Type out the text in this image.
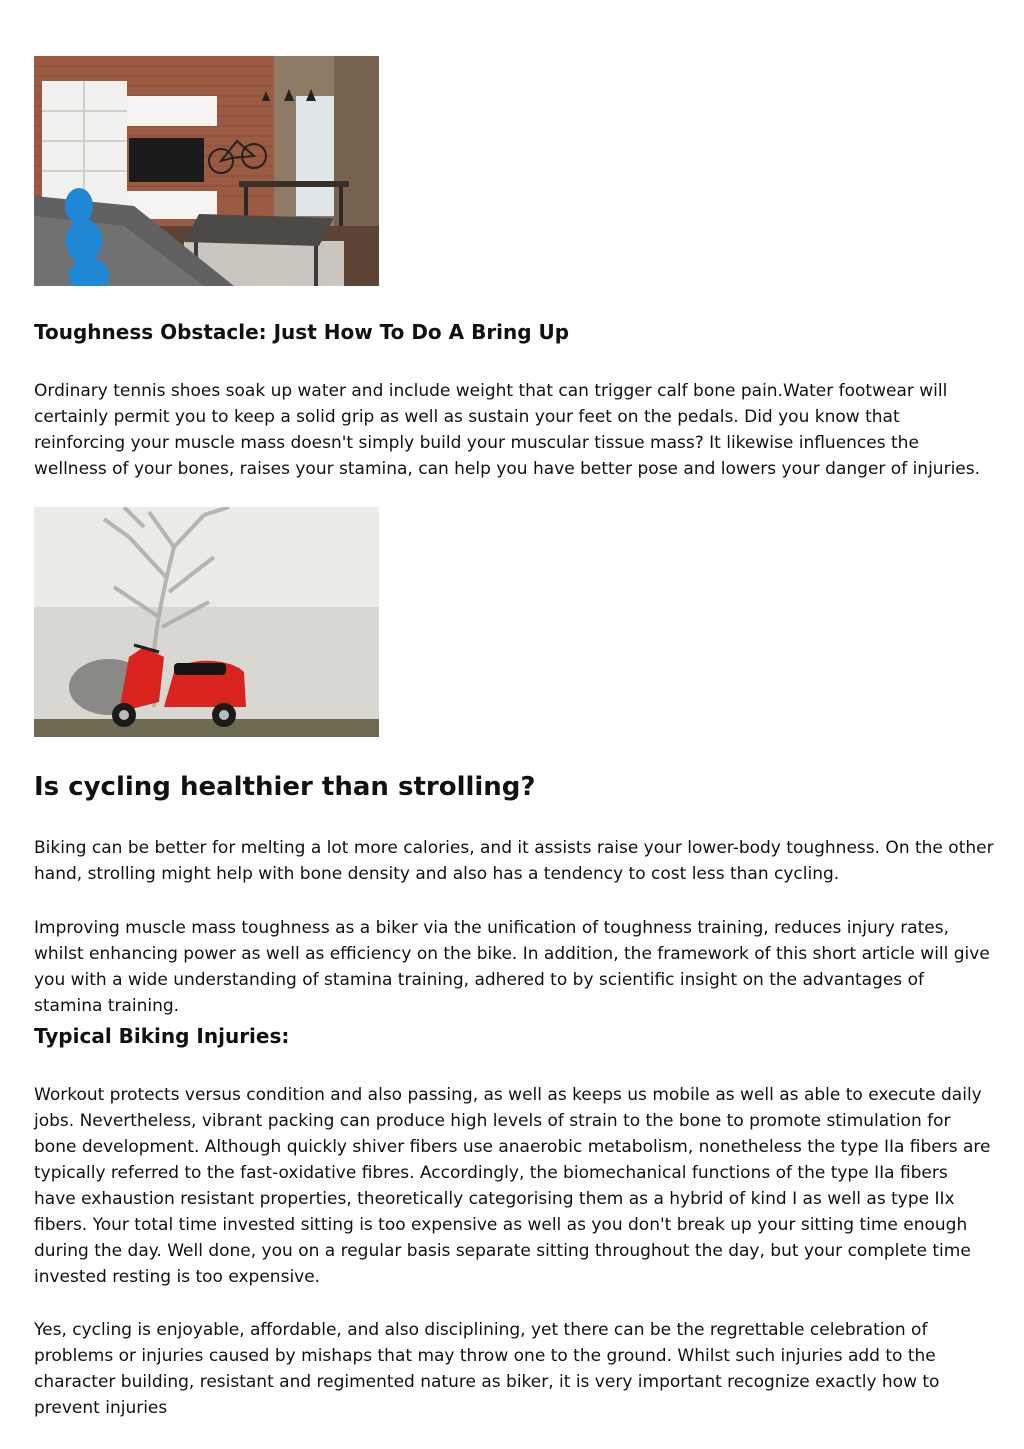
Toughness Obstacle: Just How To Do A Bring Up

Ordinary tennis shoes soak up water and include weight that can trigger calf bone pain.Water footwear will certainly permit you to keep a solid grip as well as sustain your feet on the pedals. Did you know that reinforcing your muscle mass doesn't simply build your muscular tissue mass? It likewise influences the wellness of your bones, raises your stamina, can help you have better pose and lowers your danger of injuries.

Is cycling healthier than strolling?

Biking can be better for melting a lot more calories, and it assists raise your lower-body toughness. On the other hand, strolling might help with bone density and also has a tendency to cost less than cycling.

Improving muscle mass toughness as a biker via the unification of toughness training, reduces injury rates, whilst enhancing power as well as efficiency on the bike. In addition, the framework of this short article will give you with a wide understanding of stamina training, adhered to by scientific insight on the advantages of stamina training.

Typical Biking Injuries:

Workout protects versus condition and also passing, as well as keeps us mobile as well as able to execute daily jobs. Nevertheless, vibrant packing can produce high levels of strain to the bone to promote stimulation for bone development. Although quickly shiver fibers use anaerobic metabolism, nonetheless the type IIa fibers are typically referred to the fast-oxidative fibres. Accordingly, the biomechanical functions of the type IIa fibers have exhaustion resistant properties, theoretically categorising them as a hybrid of kind I as well as type IIx fibers. Your total time invested sitting is too expensive as well as you don't break up your sitting time enough during the day. Well done, you on a regular basis separate sitting throughout the day, but your complete time invested resting is too expensive.

Yes, cycling is enjoyable, affordable, and also disciplining, yet there can be the regrettable celebration of problems or injuries caused by mishaps that may throw one to the ground. Whilst such injuries add to the character building, resistant and regimented nature as biker, it is very important recognize exactly how to prevent injuries
